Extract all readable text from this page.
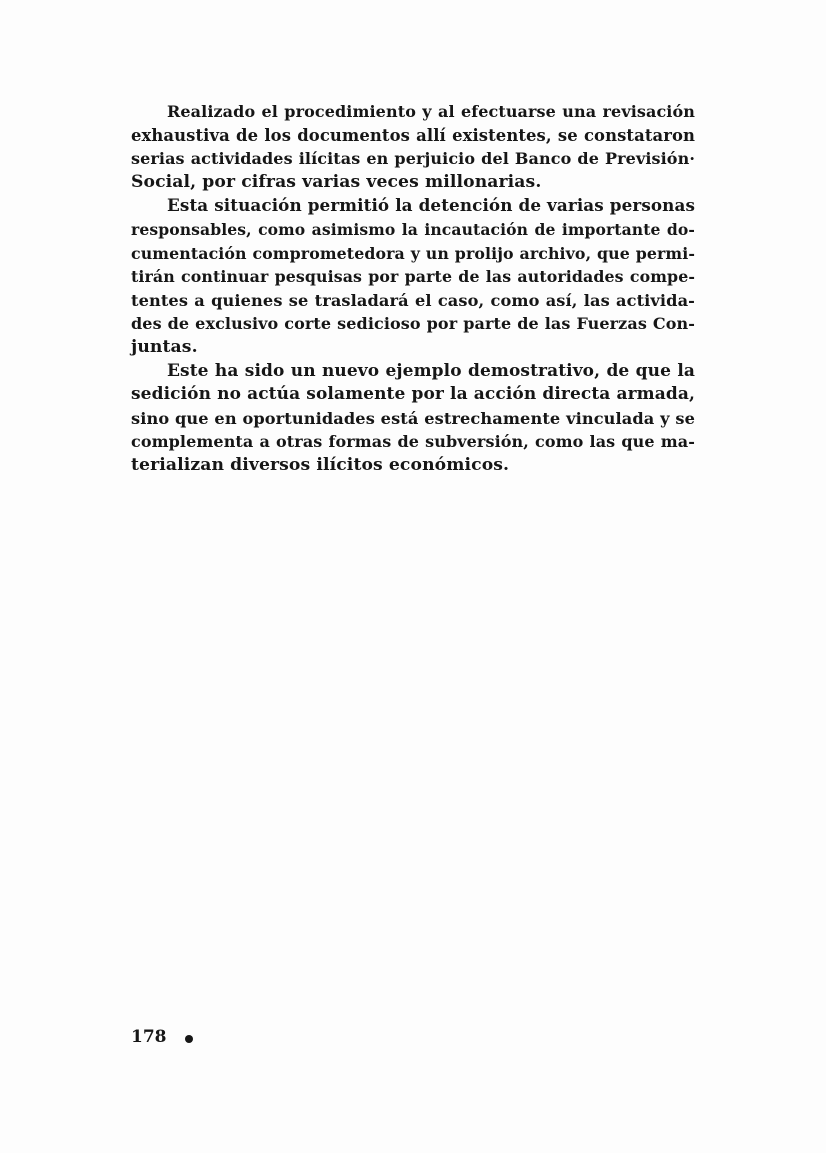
Realizado el procedimiento y al efectuarse una revisación
exhaustiva de los documentos allí existentes, se constataron
serias actividades ilícitas en perjuicio del Banco de Previsión·
Social, por cifras varias veces millonarias.
Esta situación permitió la detención de varias personas
responsables, como asimismo la incautación de importante do-
cumentación comprometedora y un prolijo archivo, que permi-
tirán continuar pesquisas por parte de las autoridades compe-
tentes a quienes se trasladará el caso, como así, las activida-
des de exclusivo corte sedicioso por parte de las Fuerzas Con-
juntas.
Este ha sido un nuevo ejemplo demostrativo, de que la
sedición no actúa solamente por la acción directa armada,
sino que en oportunidades está estrechamente vinculada y se
complementa a otras formas de subversión, como las que ma-
terializan diversos ilícitos económicos.
178
